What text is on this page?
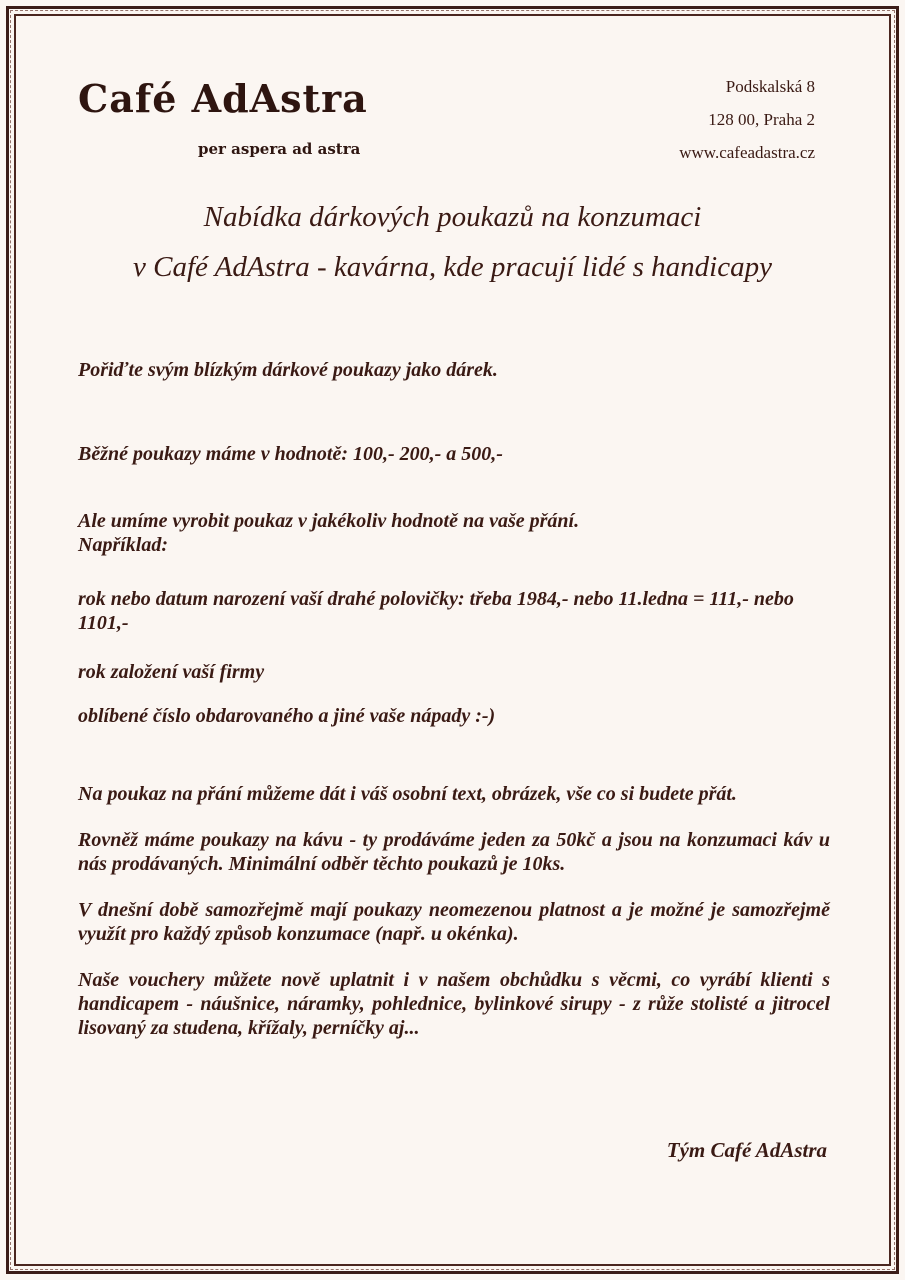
Café AdAstra
per aspera ad astra
Podskalská 8
128 00, Praha 2
www.cafeadastra.cz
Nabídka dárkových poukazů na konzumaci
v Café AdAstra - kavárna, kde pracují lidé s handicapy

Pořiďte svým blízkým dárkové poukazy jako dárek.

Běžné poukazy máme v hodnotě: 100,- 200,- a 500,-

Ale umíme vyrobit poukaz v jakékoliv hodnotě na vaše přání.

Například:

rok nebo datum narození vaší drahé polovičky: třeba 1984,- nebo 11.ledna = 111,- nebo 1101,-

rok založení vaší firmy

oblíbené číslo obdarovaného a jiné vaše nápady :-)

Na poukaz na přání můžeme dát i váš osobní text, obrázek, vše co si budete přát.

Rovněž máme poukazy na kávu - ty prodáváme jeden za 50kč a jsou na konzumaci káv u nás prodávaných. Minimální odběr těchto poukazů je 10ks.

V dnešní době samozřejmě mají poukazy neomezenou platnost a je možné je samozřejmě využít pro každý způsob konzumace (např. u okénka).

Naše vouchery můžete nově uplatnit i v našem obchůdku s věcmi, co vyrábí klienti s handicapem - náušnice, náramky, pohlednice, bylinkové sirupy - z růže stolisté a jitrocel lisovaný za studena, křížaly, perníčky aj...

Tým Café AdAstra
